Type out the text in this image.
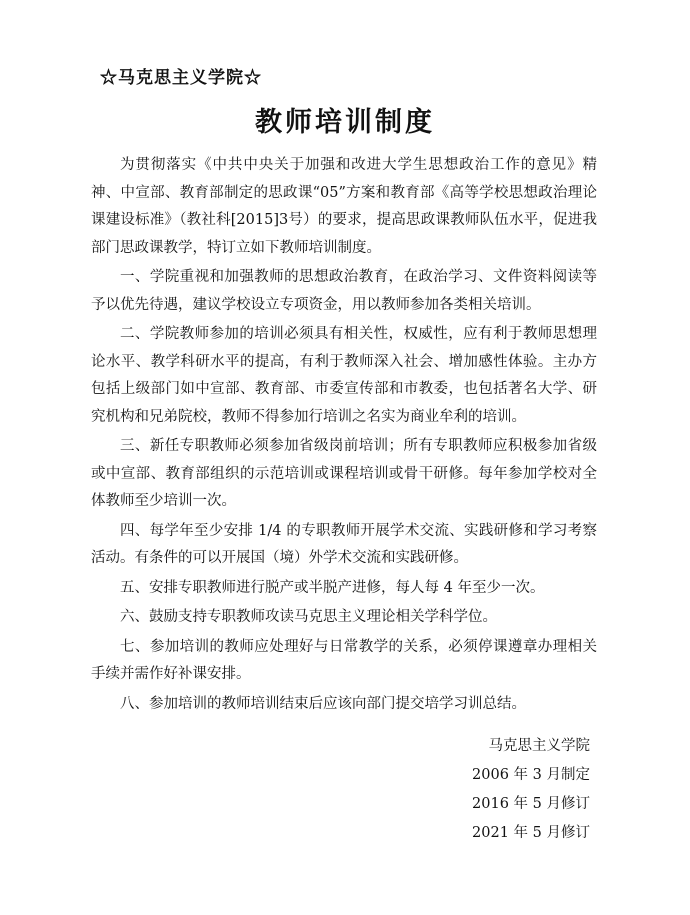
☆马克思主义学院☆
教师培训制度

为贯彻落实《中共中央关于加强和改进大学生思想政治工作的意见》精神、中宣部、教育部制定的思政课“05”方案和教育部《高等学校思想政治理论课建设标准》（教社科[2015]3号）的要求，提高思政课教师队伍水平，促进我部门思政课教学，特订立如下教师培训制度。

一、学院重视和加强教师的思想政治教育，在政治学习、文件资料阅读等予以优先待遇，建议学校设立专项资金，用以教师参加各类相关培训。

二、学院教师参加的培训必须具有相关性，权威性，应有利于教师思想理论水平、教学科研水平的提高，有利于教师深入社会、增加感性体验。主办方包括上级部门如中宣部、教育部、市委宣传部和市教委，也包括著名大学、研究机构和兄弟院校，教师不得参加行培训之名实为商业牟利的培训。

三、新任专职教师必须参加省级岗前培训；所有专职教师应积极参加省级或中宣部、教育部组织的示范培训或课程培训或骨干研修。每年参加学校对全体教师至少培训一次。

四、每学年至少安排 1/4 的专职教师开展学术交流、实践研修和学习考察活动。有条件的可以开展国（境）外学术交流和实践研修。

五、安排专职教师进行脱产或半脱产进修，每人每 4 年至少一次。

六、鼓励支持专职教师攻读马克思主义理论相关学科学位。

七、参加培训的教师应处理好与日常教学的关系，必须停课遵章办理相关手续并需作好补课安排。

八、参加培训的教师培训结束后应该向部门提交培学习训总结。

马克思主义学院
2006 年 3 月制定
2016 年 5 月修订
2021 年 5 月修订
